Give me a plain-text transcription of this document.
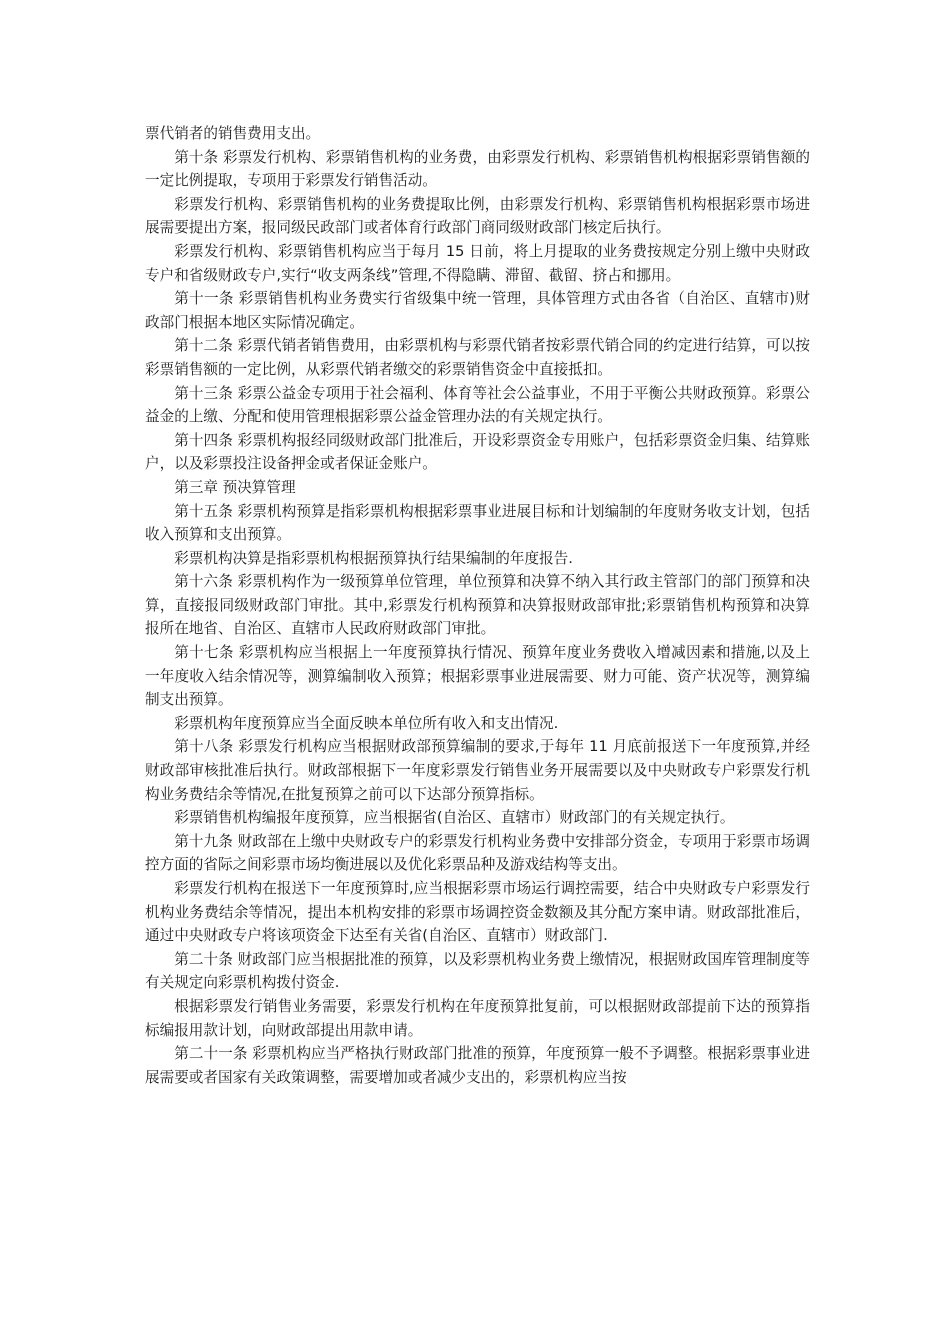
票代销者的销售费用支出。

第十条 彩票发行机构、彩票销售机构的业务费，由彩票发行机构、彩票销售机构根据彩票销售额的一定比例提取，专项用于彩票发行销售活动。

彩票发行机构、彩票销售机构的业务费提取比例，由彩票发行机构、彩票销售机构根据彩票市场进展需要提出方案，报同级民政部门或者体育行政部门商同级财政部门核定后执行。

彩票发行机构、彩票销售机构应当于每月 15 日前，将上月提取的业务费按规定分别上缴中央财政专户和省级财政专户,实行“收支两条线”管理,不得隐瞒、滞留、截留、挤占和挪用。

第十一条 彩票销售机构业务费实行省级集中统一管理，具体管理方式由各省（自治区、直辖市)财政部门根据本地区实际情况确定。

第十二条 彩票代销者销售费用，由彩票机构与彩票代销者按彩票代销合同的约定进行结算，可以按彩票销售额的一定比例，从彩票代销者缴交的彩票销售资金中直接抵扣。

第十三条 彩票公益金专项用于社会福利、体育等社会公益事业，不用于平衡公共财政预算。彩票公益金的上缴、分配和使用管理根据彩票公益金管理办法的有关规定执行。

第十四条 彩票机构报经同级财政部门批准后，开设彩票资金专用账户，包括彩票资金归集、结算账户，以及彩票投注设备押金或者保证金账户。

第三章 预决算管理

第十五条 彩票机构预算是指彩票机构根据彩票事业进展目标和计划编制的年度财务收支计划，包括收入预算和支出预算。

彩票机构决算是指彩票机构根据预算执行结果编制的年度报告.

第十六条 彩票机构作为一级预算单位管理，单位预算和决算不纳入其行政主管部门的部门预算和决算，直接报同级财政部门审批。其中,彩票发行机构预算和决算报财政部审批;彩票销售机构预算和决算报所在地省、自治区、直辖市人民政府财政部门审批。

第十七条 彩票机构应当根据上一年度预算执行情况、预算年度业务费收入增减因素和措施,以及上一年度收入结余情况等，测算编制收入预算；根据彩票事业进展需要、财力可能、资产状况等，测算编制支出预算。

彩票机构年度预算应当全面反映本单位所有收入和支出情况.

第十八条 彩票发行机构应当根据财政部预算编制的要求,于每年 11 月底前报送下一年度预算,并经财政部审核批准后执行。财政部根据下一年度彩票发行销售业务开展需要以及中央财政专户彩票发行机构业务费结余等情况,在批复预算之前可以下达部分预算指标。

彩票销售机构编报年度预算，应当根据省(自治区、直辖市）财政部门的有关规定执行。

第十九条 财政部在上缴中央财政专户的彩票发行机构业务费中安排部分资金，专项用于彩票市场调控方面的省际之间彩票市场均衡进展以及优化彩票品种及游戏结构等支出。

彩票发行机构在报送下一年度预算时,应当根据彩票市场运行调控需要，结合中央财政专户彩票发行机构业务费结余等情况，提出本机构安排的彩票市场调控资金数额及其分配方案申请。财政部批准后，通过中央财政专户将该项资金下达至有关省(自治区、直辖市）财政部门.

第二十条 财政部门应当根据批准的预算，以及彩票机构业务费上缴情况，根据财政国库管理制度等有关规定向彩票机构拨付资金.

根据彩票发行销售业务需要，彩票发行机构在年度预算批复前，可以根据财政部提前下达的预算指标编报用款计划，向财政部提出用款申请。

第二十一条 彩票机构应当严格执行财政部门批准的预算，年度预算一般不予调整。根据彩票事业进展需要或者国家有关政策调整，需要增加或者减少支出的，彩票机构应当按
